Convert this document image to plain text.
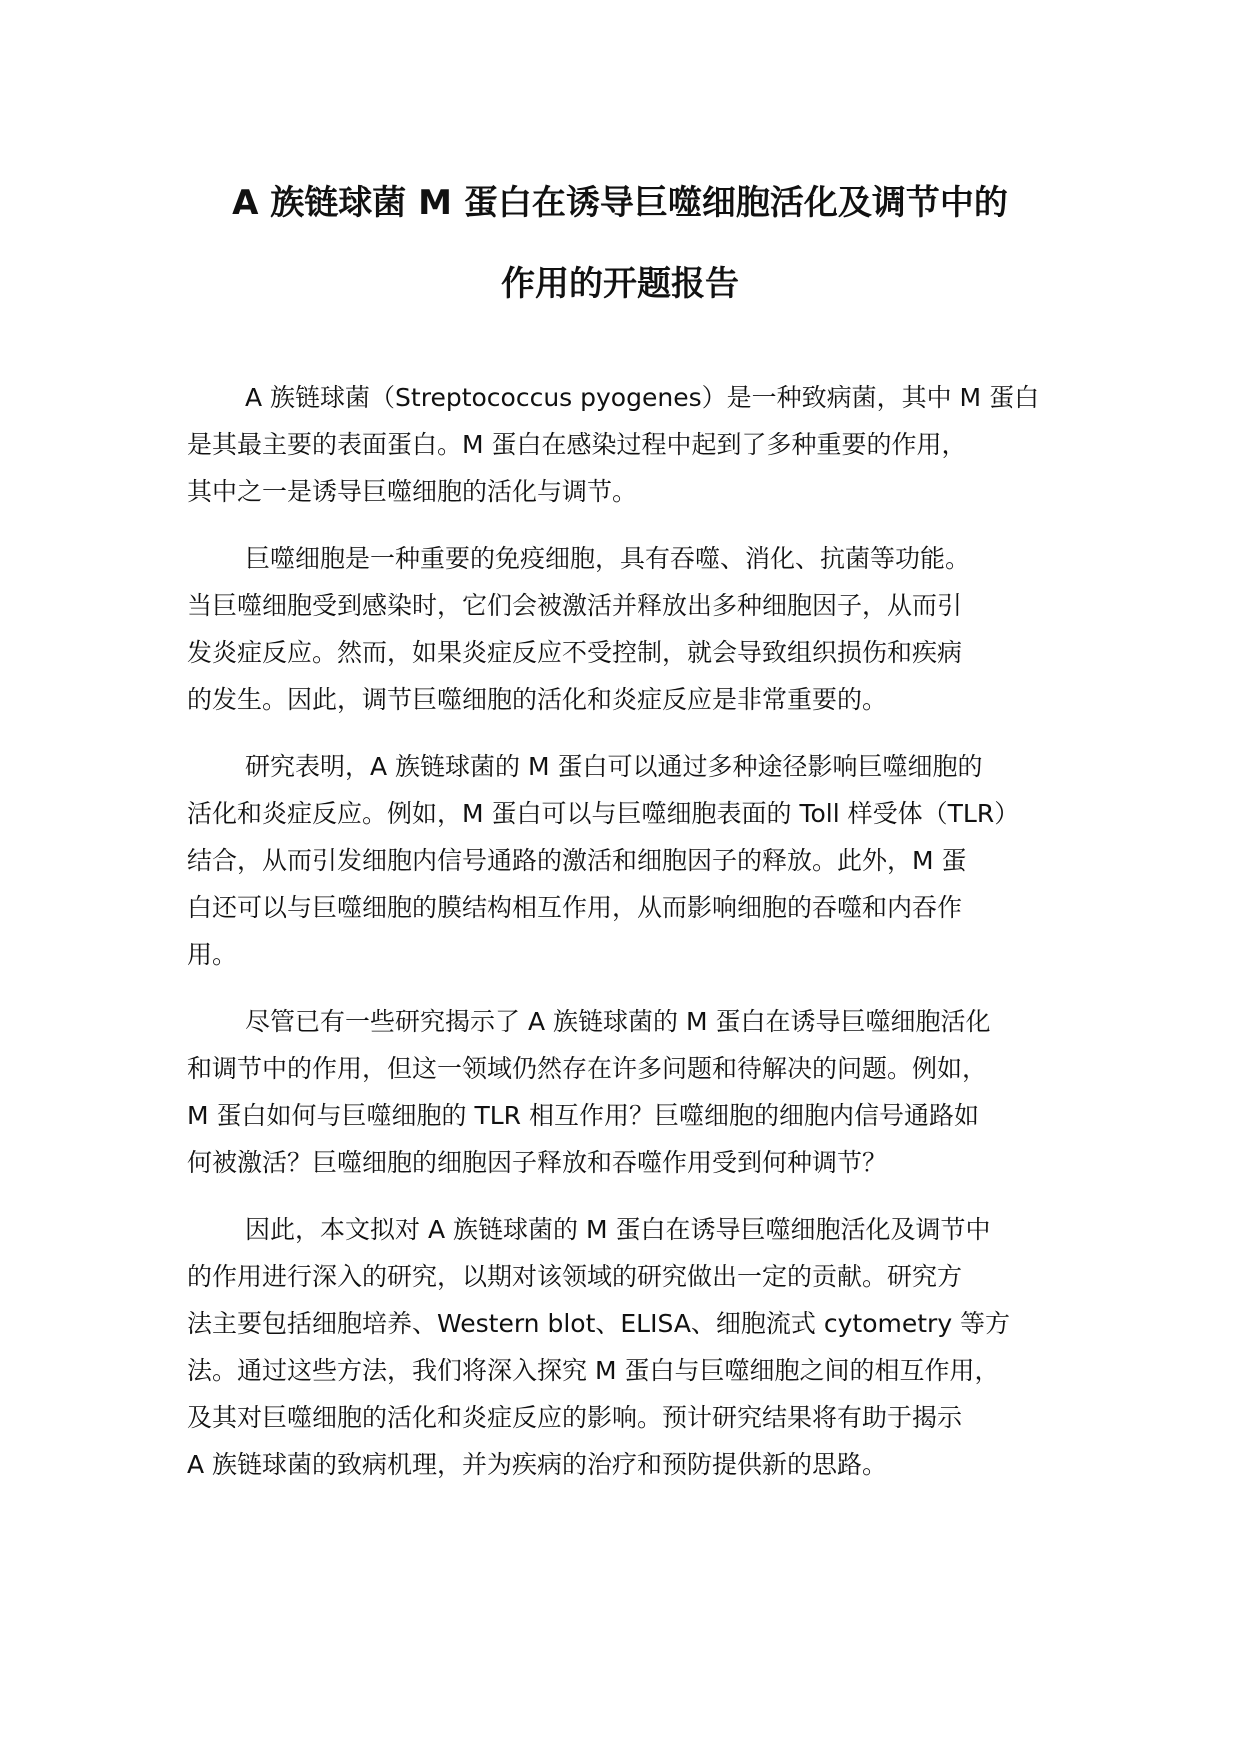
A 族链球菌 M 蛋白在诱导巨噬细胞活化及调节中的
作用的开题报告

A 族链球菌（Streptococcus pyogenes）是一种致病菌，其中 M 蛋白
是其最主要的表面蛋白。M 蛋白在感染过程中起到了多种重要的作用，
其中之一是诱导巨噬细胞的活化与调节。

巨噬细胞是一种重要的免疫细胞，具有吞噬、消化、抗菌等功能。
当巨噬细胞受到感染时，它们会被激活并释放出多种细胞因子，从而引
发炎症反应。然而，如果炎症反应不受控制，就会导致组织损伤和疾病
的发生。因此，调节巨噬细胞的活化和炎症反应是非常重要的。

研究表明，A 族链球菌的 M 蛋白可以通过多种途径影响巨噬细胞的
活化和炎症反应。例如，M 蛋白可以与巨噬细胞表面的 Toll 样受体（TLR）
结合，从而引发细胞内信号通路的激活和细胞因子的释放。此外，M 蛋
白还可以与巨噬细胞的膜结构相互作用，从而影响细胞的吞噬和内吞作
用。

尽管已有一些研究揭示了 A 族链球菌的 M 蛋白在诱导巨噬细胞活化
和调节中的作用，但这一领域仍然存在许多问题和待解决的问题。例如，
M 蛋白如何与巨噬细胞的 TLR 相互作用？巨噬细胞的细胞内信号通路如
何被激活？巨噬细胞的细胞因子释放和吞噬作用受到何种调节？

因此，本文拟对 A 族链球菌的 M 蛋白在诱导巨噬细胞活化及调节中
的作用进行深入的研究，以期对该领域的研究做出一定的贡献。研究方
法主要包括细胞培养、Western blot、ELISA、细胞流式 cytometry 等方
法。通过这些方法，我们将深入探究 M 蛋白与巨噬细胞之间的相互作用，
及其对巨噬细胞的活化和炎症反应的影响。预计研究结果将有助于揭示
A 族链球菌的致病机理，并为疾病的治疗和预防提供新的思路。
